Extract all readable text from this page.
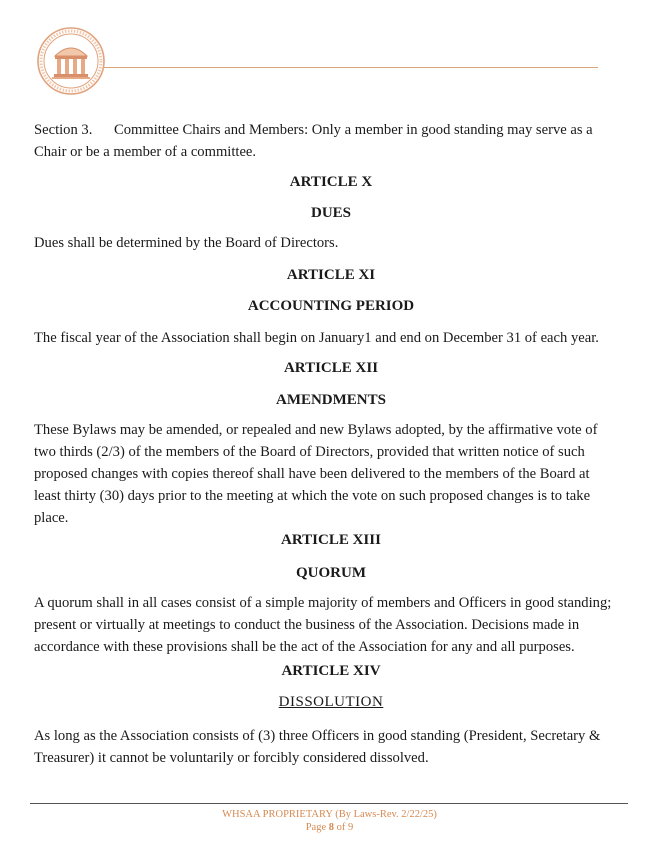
Section 3. Committee Chairs and Members: Only a member in good standing may serve as a
Chair or be a member of a committee.

ARTICLE X

DUES

Dues shall be determined by the Board of Directors.

ARTICLE XI

ACCOUNTING PERIOD

The fiscal year of the Association shall begin on January1 and end on December 31 of each year.

ARTICLE XII

AMENDMENTS

These Bylaws may be amended, or repealed and new Bylaws adopted, by the affirmative vote of
two thirds (2/3) of the members of the Board of Directors, provided that written notice of such
proposed changes with copies thereof shall have been delivered to the members of the Board at
least thirty (30) days prior to the meeting at which the vote on such proposed changes is to take
place.

ARTICLE XIII

QUORUM

A quorum shall in all cases consist of a simple majority of members and Officers in good standing;
present or virtually at meetings to conduct the business of the Association. Decisions made in
accordance with these provisions shall be the act of the Association for any and all purposes.

ARTICLE XIV

DISSOLUTION

As long as the Association consists of (3) three Officers in good standing (President, Secretary &
Treasurer) it cannot be voluntarily or forcibly considered dissolved.

WHSAA PROPRIETARY (By Laws-Rev. 2/22/25)
Page 8 of 9
